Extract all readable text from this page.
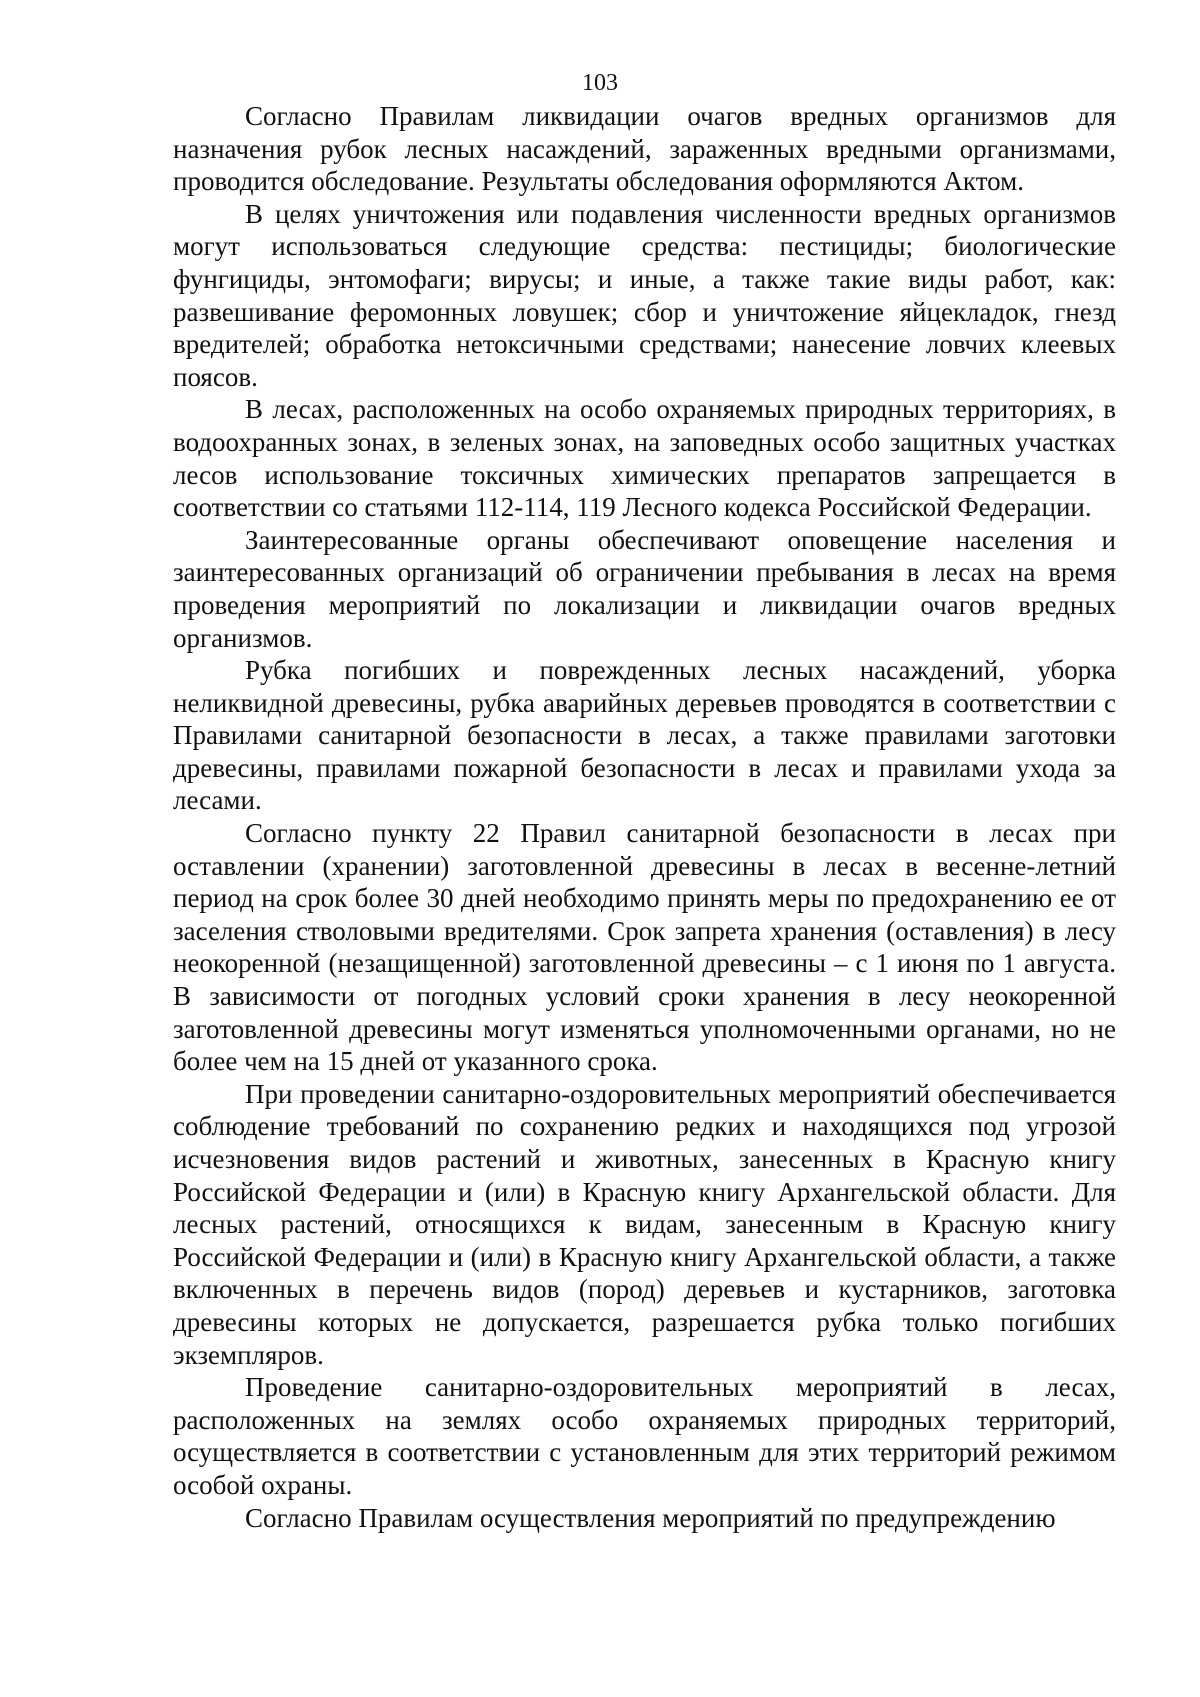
103

Согласно Правилам ликвидации очагов вредных организмов для назначения рубок лесных насаждений, зараженных вредными организмами, проводится обследование. Результаты обследования оформляются Актом.

В целях уничтожения или подавления численности вредных организмов могут использоваться следующие средства: пестициды; биологические фунгициды, энтомофаги; вирусы; и иные, а также такие виды работ, как: развешивание феромонных ловушек; сбор и уничтожение яйцекладок, гнезд вредителей; обработка нетоксичными средствами; нанесение ловчих клеевых поясов.

В лесах, расположенных на особо охраняемых природных территориях, в водоохранных зонах, в зеленых зонах, на заповедных особо защитных участках лесов использование токсичных химических препаратов запрещается в соответствии со статьями 112-114, 119 Лесного кодекса Российской Федерации.

Заинтересованные органы обеспечивают оповещение населения и заинтересованных организаций об ограничении пребывания в лесах на время проведения мероприятий по локализации и ликвидации очагов вредных организмов.

Рубка погибших и поврежденных лесных насаждений, уборка неликвидной древесины, рубка аварийных деревьев проводятся в соответствии с Правилами санитарной безопасности в лесах, а также правилами заготовки древесины, правилами пожарной безопасности в лесах и правилами ухода за лесами.

Согласно пункту 22 Правил санитарной безопасности в лесах при оставлении (хранении) заготовленной древесины в лесах в весенне-летний период на срок более 30 дней необходимо принять меры по предохранению ее от заселения стволовыми вредителями. Срок запрета хранения (оставления) в лесу неокоренной (незащищенной) заготовленной древесины – с 1 июня по 1 августа. В зависимости от погодных условий сроки хранения в лесу неокоренной заготовленной древесины могут изменяться уполномоченными органами, но не более чем на 15 дней от указанного срока.

При проведении санитарно-оздоровительных мероприятий обеспечивается соблюдение требований по сохранению редких и находящихся под угрозой исчезновения видов растений и животных, занесенных в Красную книгу Российской Федерации и (или) в Красную книгу Архангельской области. Для лесных растений, относящихся к видам, занесенным в Красную книгу Российской Федерации и (или) в Красную книгу Архангельской области, а также включенных в перечень видов (пород) деревьев и кустарников, заготовка древесины которых не допускается, разрешается рубка только погибших экземпляров.

Проведение санитарно-оздоровительных мероприятий в лесах, расположенных на землях особо охраняемых природных территорий, осуществляется в соответствии с установленным для этих территорий режимом особой охраны.

Согласно Правилам осуществления мероприятий по предупреждению
